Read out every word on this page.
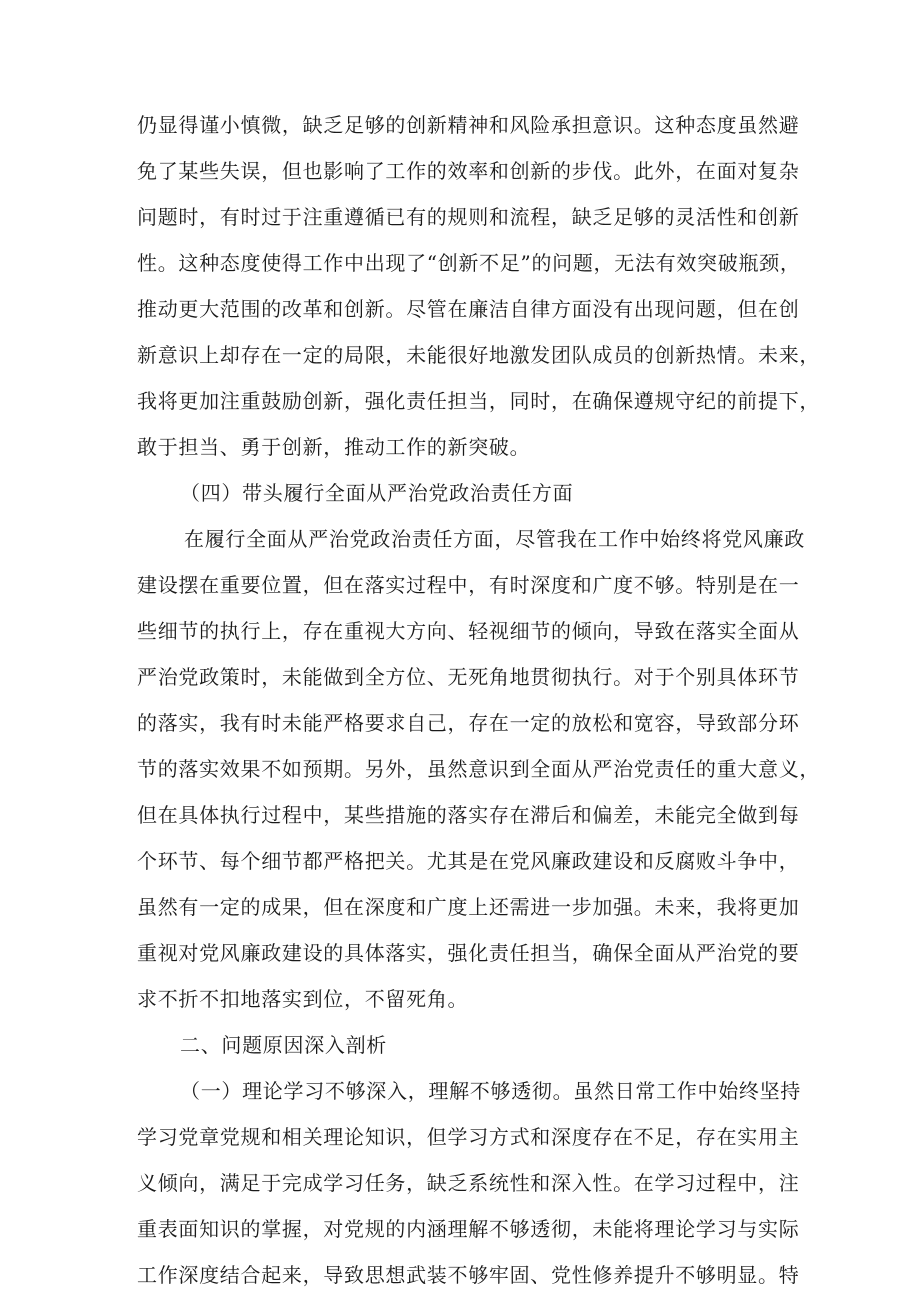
仍显得谨小慎微，缺乏足够的创新精神和风险承担意识。这种态度虽然避
免了某些失误，但也影响了工作的效率和创新的步伐。此外，在面对复杂
问题时，有时过于注重遵循已有的规则和流程，缺乏足够的灵活性和创新
性。这种态度使得工作中出现了“创新不足”的问题，无法有效突破瓶颈，
推动更大范围的改革和创新。尽管在廉洁自律方面没有出现问题，但在创
新意识上却存在一定的局限，未能很好地激发团队成员的创新热情。未来，
我将更加注重鼓励创新，强化责任担当，同时，在确保遵规守纪的前提下，
敢于担当、勇于创新，推动工作的新突破。
（四）带头履行全面从严治党政治责任方面
在履行全面从严治党政治责任方面，尽管我在工作中始终将党风廉政
建设摆在重要位置，但在落实过程中，有时深度和广度不够。特别是在一
些细节的执行上，存在重视大方向、轻视细节的倾向，导致在落实全面从
严治党政策时，未能做到全方位、无死角地贯彻执行。对于个别具体环节
的落实，我有时未能严格要求自己，存在一定的放松和宽容，导致部分环
节的落实效果不如预期。另外，虽然意识到全面从严治党责任的重大意义，
但在具体执行过程中，某些措施的落实存在滞后和偏差，未能完全做到每
个环节、每个细节都严格把关。尤其是在党风廉政建设和反腐败斗争中，
虽然有一定的成果，但在深度和广度上还需进一步加强。未来，我将更加
重视对党风廉政建设的具体落实，强化责任担当，确保全面从严治党的要
求不折不扣地落实到位，不留死角。
二、问题原因深入剖析
（一）理论学习不够深入，理解不够透彻。虽然日常工作中始终坚持
学习党章党规和相关理论知识，但学习方式和深度存在不足，存在实用主
义倾向，满足于完成学习任务，缺乏系统性和深入性。在学习过程中，注
重表面知识的掌握，对党规的内涵理解不够透彻，未能将理论学习与实际
工作深度结合起来，导致思想武装不够牢固、党性修养提升不够明显。特
